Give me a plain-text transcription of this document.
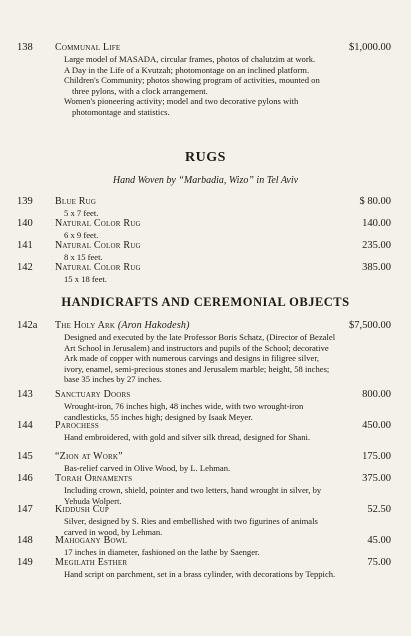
138 Communal Life	$1,000.00

Large model of MASADA, circular frames, photos of chalutzim at work.

A Day in the Life of a Kvutzah; photomontage on an inclined platform.

Children's Community; photos showing program of activities, mounted on three pylons, with a clock arrangement.

Women's pioneering activity; model and two decorative pylons with photomontage and statistics.

RUGS
Hand Woven by “Marbadia, Wizo” in Tel Aviv
139 Blue Rug	$ 80.00
5 x 7 feet.
140 Natural Color Rug	140.00
6 x 9 feet.
141 Natural Color Rug	235.00
8 x 15 feet.
142 Natural Color Rug	385.00
15 x 18 feet.
HANDICRAFTS AND CEREMONIAL OBJECTS
142a The Holy Ark (Aron Hakodesh)	$7,500.00
Designed and executed by the late Professor Boris Schatz, (Director of Bezalel Art School in Jerusalem) and instructors and pupils of the School; decorative Ark made of copper with numerous carvings and designs in filigree silver, ivory, enamel, semi-precious stones and Jerusalem marble; height, 58 inches; base 35 inches by 27 inches.
143 Sanctuary Doors	800.00
Wrought-iron, 76 inches high, 48 inches wide, with two wrought-iron candlesticks, 55 inches high; designed by Isaak Meyer.
144 Parochess	450.00
Hand embroidered, with gold and silver silk thread, designed for Shani.
145 “Zion at Work”	175.00
Bas-relief carved in Olive Wood, by L. Lehman.
146 Torah Ornaments	375.00
Including crown, shield, pointer and two letters, hand wrought in silver, by Yehuda Wolpert.
147 Kiddush Cup	52.50
Silver, designed by S. Ries and embellished with two figurines of animals carved in wood, by Lehman.
148 Mahogany Bowl	45.00
17 inches in diameter, fashioned on the lathe by Saenger.
149 Megilath Esther	75.00
Hand script on parchment, set in a brass cylinder, with decorations by Teppich.
